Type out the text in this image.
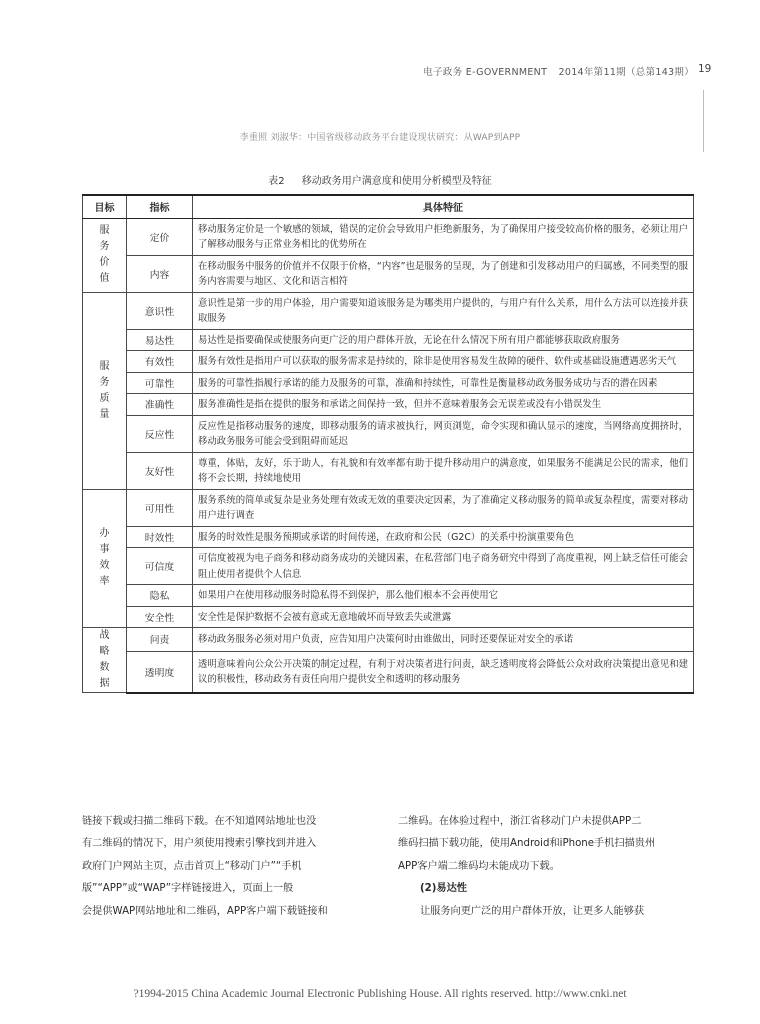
电子政务 E-GOVERNMENT 2014年第11期（总第143期） 19
李重照 刘淑华：中国省级移动政务平台建设现状研究：从WAP到APP
表2 移动政务用户满意度和使用分析模型及特征
目标	指标	具体特征

服
务
价
值	定价	移动服务定价是一个敏感的领域，错误的定价会导致用户拒绝新服务，为了确保用户接受较高价格的服务，必须让用户了解移动服务与正常业务相比的优势所在
	内容	在移动服务中服务的价值并不仅限于价格，“内容”也是服务的呈现，为了创建和引发移动用户的归属感，不同类型的服务内容需要与地区、文化和语言相符

服
务
质
量	意识性	意识性是第一步的用户体验，用户需要知道该服务是为哪类用户提供的，与用户有什么关系，用什么方法可以连接并获取服务
	易达性	易达性是指要确保或使服务向更广泛的用户群体开放，无论在什么情况下所有用户都能够获取政府服务
	有效性	服务有效性是指用户可以获取的服务需求是持续的，除非是使用容易发生故障的硬件、软件或基础设施遭遇恶劣天气
	可靠性	服务的可靠性指履行承诺的能力及服务的可靠，准确和持续性，可靠性是衡量移动政务服务成功与否的潜在因素
	准确性	服务准确性是指在提供的服务和承诺之间保持一致，但并不意味着服务会无误差或没有小错误发生
	反应性	反应性是指移动服务的速度，即移动服务的请求被执行，网页浏览，命令实现和确认显示的速度，当网络高度拥挤时，移动政务服务可能会受到阻碍而延迟
	友好性	尊重，体贴，友好，乐于助人，有礼貌和有效率都有助于提升移动用户的满意度，如果服务不能满足公民的需求，他们将不会长期，持续地使用

办
事
效
率	可用性	服务系统的简单或复杂是业务处理有效或无效的重要决定因素，为了准确定义移动服务的简单或复杂程度，需要对移动用户进行调查
	时效性	服务的时效性是服务预期或承诺的时间传递，在政府和公民（G2C）的关系中扮演重要角色
	可信度	可信度被视为电子商务和移动商务成功的关键因素，在私营部门电子商务研究中得到了高度重视，网上缺乏信任可能会阻止使用者提供个人信息
	隐私	如果用户在使用移动服务时隐私得不到保护，那么他们根本不会再使用它
	安全性	安全性是保护数据不会被有意或无意地破坏而导致丢失或泄露

战
略
数
据	问责	移动政务服务必须对用户负责，应告知用户决策何时由谁做出，同时还要保证对安全的承诺
	透明度	透明意味着向公众公开决策的制定过程，有利于对决策者进行问责，缺乏透明度将会降低公众对政府决策提出意见和建议的积极性，移动政务有责任向用户提供安全和透明的移动服务

链接下载或扫描二维码下载。在不知道网站地址也没

有二维码的情况下，用户须使用搜索引擎找到并进入

政府门户网站主页，点击首页上“移动门户”“手机

版”“APP”或“WAP”字样链接进入，页面上一般

会提供WAP网站地址和二维码，APP客户端下载链接和

二维码。在体验过程中，浙江省移动门户未提供APP二

维码扫描下载功能，使用Android和iPhone手机扫描贵州

APP客户端二维码均未能成功下载。

(2)易达性

让服务向更广泛的用户群体开放，让更多人能够获

?1994-2015 China Academic Journal Electronic Publishing House. All rights reserved. http://www.cnki.net
